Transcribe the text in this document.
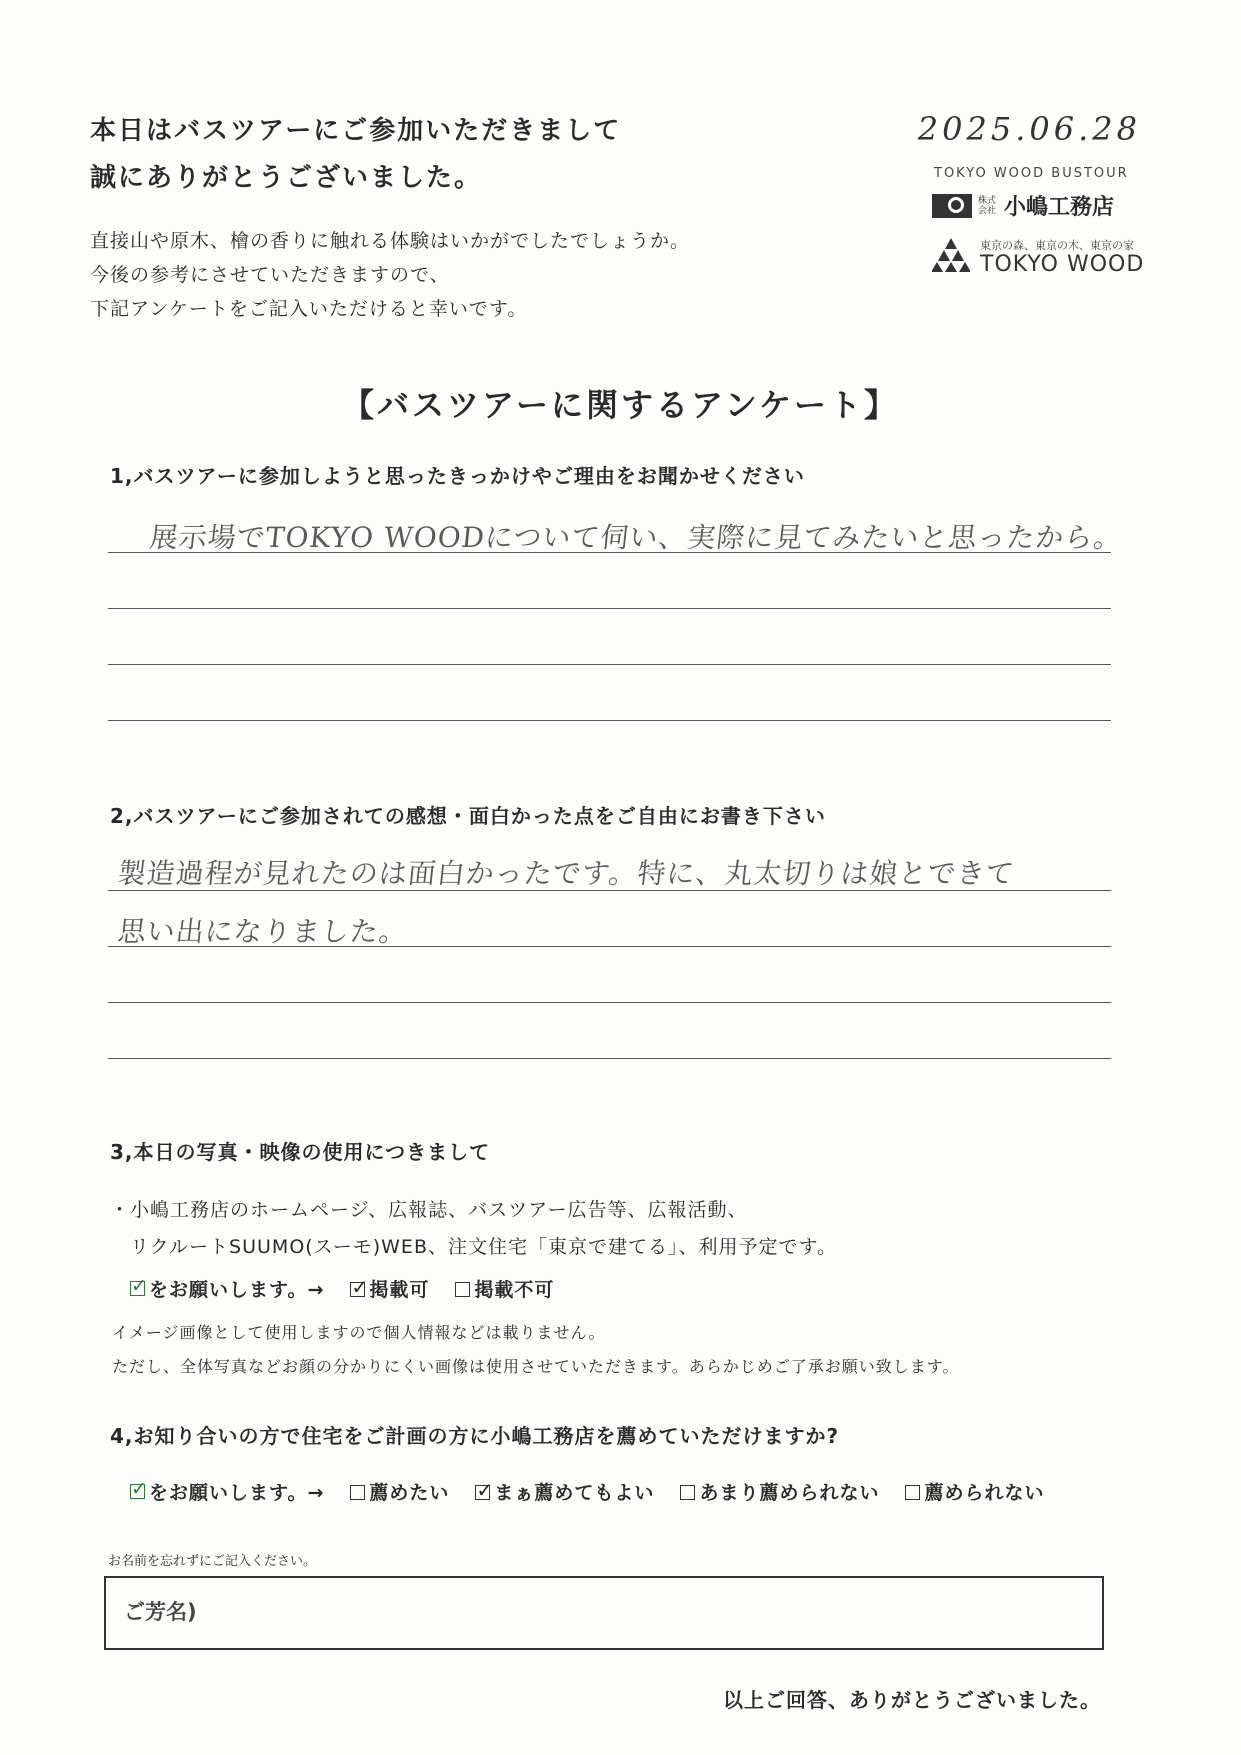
本日はバスツアーにご参加いただきまして
誠にありがとうございました。
直接山や原木、檜の香りに触れる体験はいかがでしたでしょうか。
今後の参考にさせていただきますので、
下記アンケートをご記入いただけると幸いです。
2025.06.28
TOKYO WOOD BUSTOUR
株式会社 小嶋工務店
東京の森、東京の木、東京の家
TOKYO WOOD
【バスツアーに関するアンケート】
1,バスツアーに参加しようと思ったきっかけやご理由をお聞かせください
展示場でTOKYO WOODについて伺い、実際に見てみたいと思ったから。
2,バスツアーにご参加されての感想・面白かった点をご自由にお書き下さい
製造過程が見れたのは面白かったです。特に、丸太切りは娘とできて
思い出になりました。
3,本日の写真・映像の使用につきまして
・小嶋工務店のホームページ、広報誌、バスツアー広告等、広報活動、
リクルートSUUMO(スーモ)WEB、注文住宅「東京で建てる」、利用予定です。
✓
をお願いします。→ ✓	掲載可	掲載不可
イメージ画像として使用しますので個人情報などは載りません。
ただし、全体写真などお顔の分かりにくい画像は使用させていただきます。あらかじめご了承お願い致します。
4,お知り合いの方で住宅をご計画の方に小嶋工務店を薦めていただけますか?
✓
をお願いします。→	薦めたい ✓	まぁ薦めてもよい	あまり薦められない	薦められない
お名前を忘れずにご記入ください。
ご芳名)
以上ご回答、ありがとうございました。
